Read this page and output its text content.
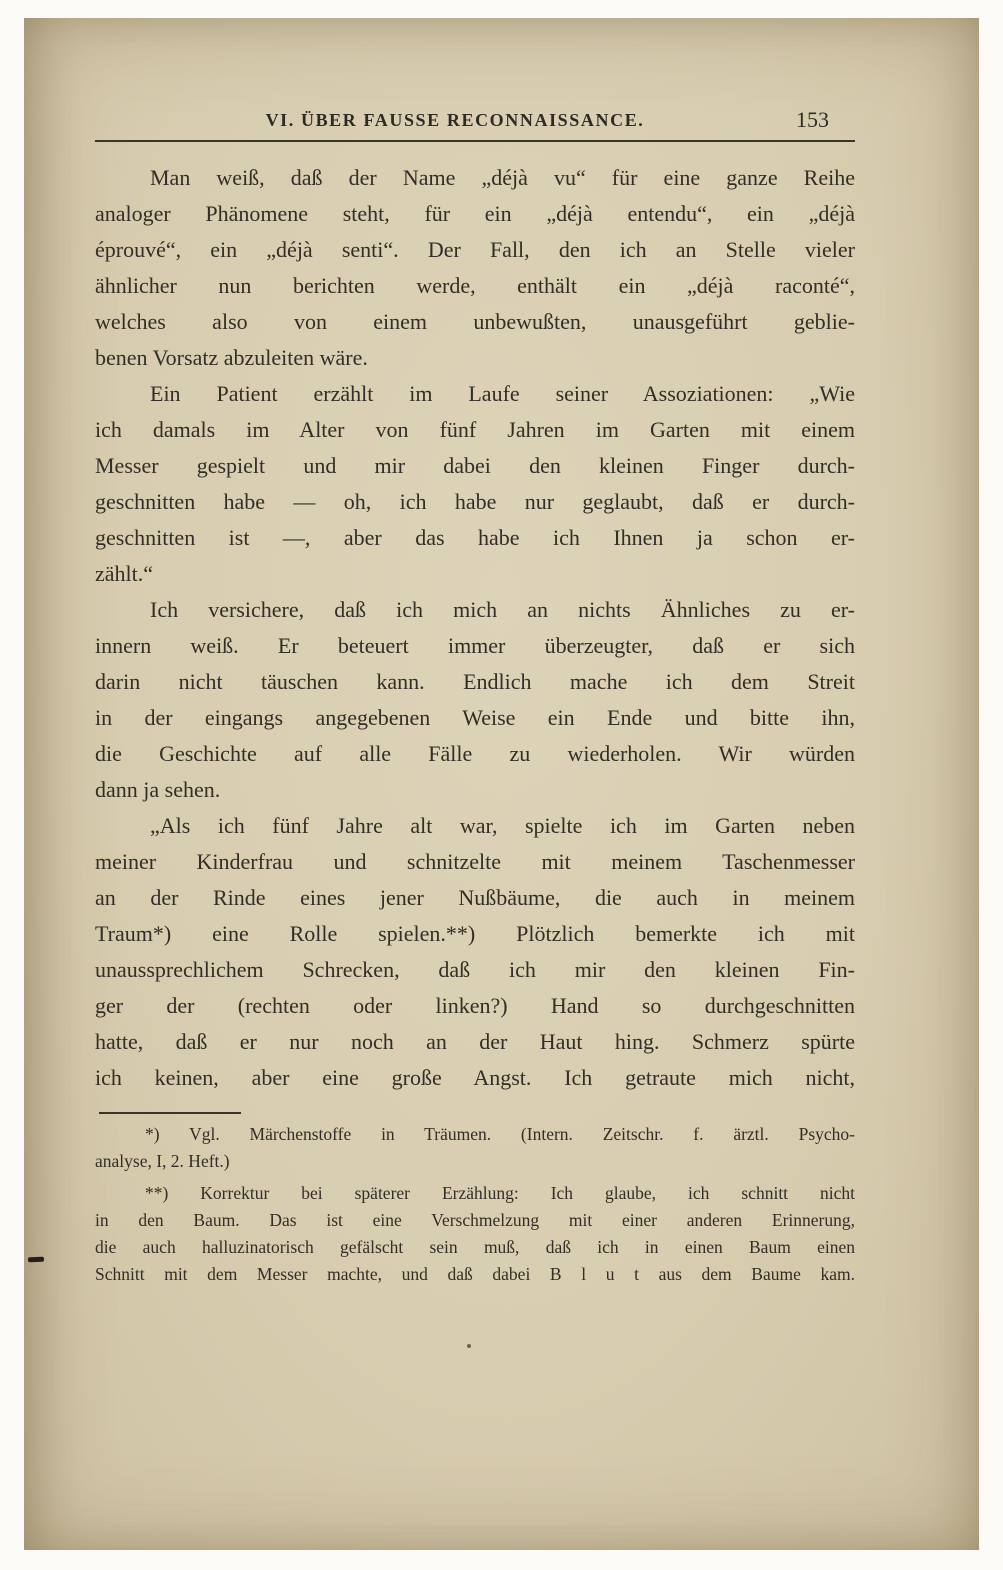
VI. ÜBER FAUSSE RECONNAISSANCE.	153
Man weiß, daß der Name „déjà vu“ für eine ganze Reihe
analoger Phänomene steht, für ein „déjà entendu“, ein „déjà
éprouvé“, ein „déjà senti“. Der Fall, den ich an Stelle vieler
ähnlicher nun berichten werde, enthält ein „déjà raconté“,
welches also von einem unbewußten, unausgeführt geblie-
benen Vorsatz abzuleiten wäre.
Ein Patient erzählt im Laufe seiner Assoziationen: „Wie
ich damals im Alter von fünf Jahren im Garten mit einem
Messer gespielt und mir dabei den kleinen Finger durch-
geschnitten habe — oh, ich habe nur geglaubt, daß er durch-
geschnitten ist —, aber das habe ich Ihnen ja schon er-
zählt.“
Ich versichere, daß ich mich an nichts Ähnliches zu er-
innern weiß. Er beteuert immer überzeugter, daß er sich
darin nicht täuschen kann. Endlich mache ich dem Streit
in der eingangs angegebenen Weise ein Ende und bitte ihn,
die Geschichte auf alle Fälle zu wiederholen. Wir würden
dann ja sehen.
„Als ich fünf Jahre alt war, spielte ich im Garten neben
meiner Kinderfrau und schnitzelte mit meinem Taschenmesser
an der Rinde eines jener Nußbäume, die auch in meinem
Traum*) eine Rolle spielen.**) Plötzlich bemerkte ich mit
unaussprechlichem Schrecken, daß ich mir den kleinen Fin-
ger der (rechten oder linken?) Hand so durchgeschnitten
hatte, daß er nur noch an der Haut hing. Schmerz spürte
ich keinen, aber eine große Angst. Ich getraute mich nicht,
*) Vgl. Märchenstoffe in Träumen. (Intern. Zeitschr. f. ärztl. Psycho-
analyse, I, 2. Heft.)
**) Korrektur bei späterer Erzählung: Ich glaube, ich schnitt nicht
in den Baum. Das ist eine Verschmelzung mit einer anderen Erinnerung,
die auch halluzinatorisch gefälscht sein muß, daß ich in einen Baum einen
Schnitt mit dem Messer machte, und daß dabei B l u t aus dem Baume kam.
